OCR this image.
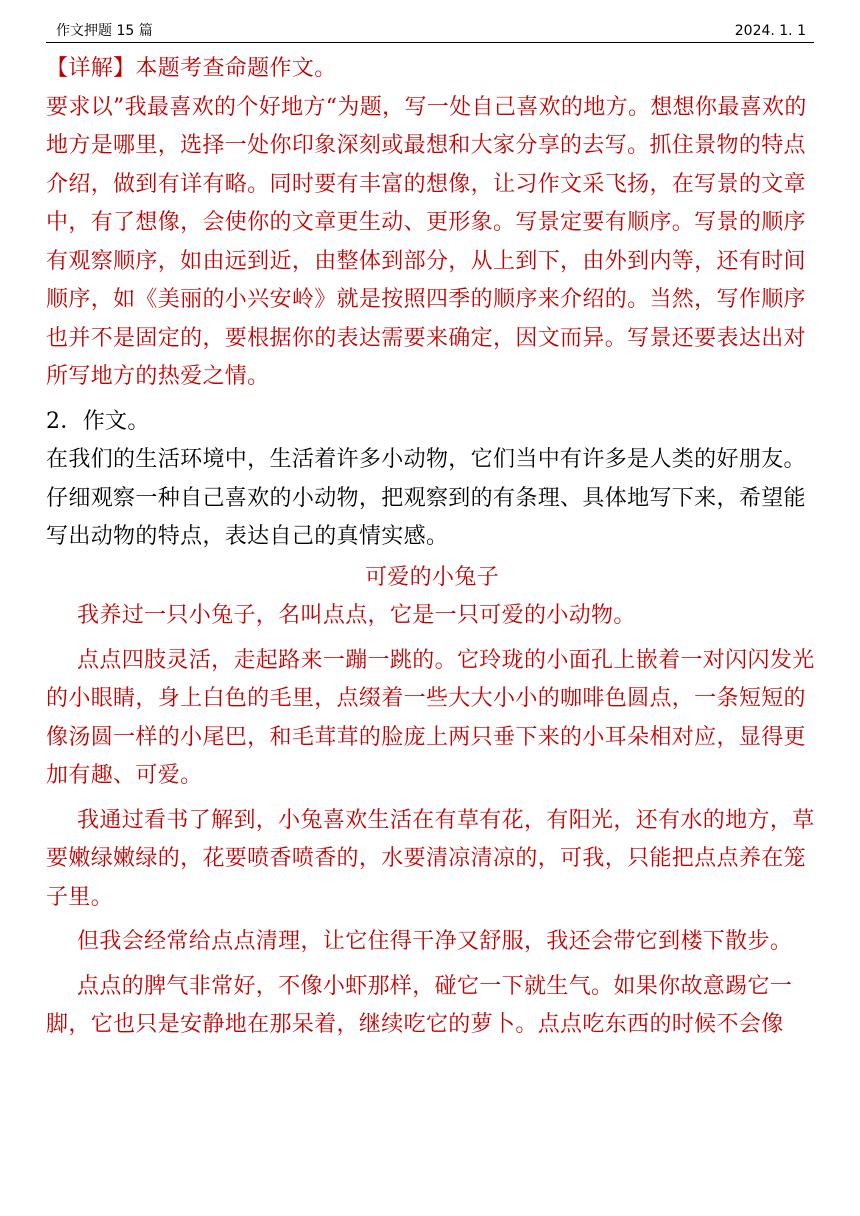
作文押题 15 篇	2024. 1. 1

【详解】本题考查命题作文。

要求以”我最喜欢的个好地方“为题，写一处自己喜欢的地方。想想你最喜欢的地方是哪里，选择一处你印象深刻或最想和大家分享的去写。抓住景物的特点介绍，做到有详有略。同时要有丰富的想像，让习作文采飞扬，在写景的文章中，有了想像，会使你的文章更生动、更形象。写景定要有顺序。写景的顺序有观察顺序，如由远到近，由整体到部分，从上到下，由外到内等，还有时间顺序，如《美丽的小兴安岭》就是按照四季的顺序来介绍的。当然，写作顺序也并不是固定的，要根据你的表达需要来确定，因文而异。写景还要表达出对所写地方的热爱之情。

2．作文。

在我们的生活环境中，生活着许多小动物，它们当中有许多是人类的好朋友。仔细观察一种自己喜欢的小动物，把观察到的有条理、具体地写下来，希望能写出动物的特点，表达自己的真情实感。

可爱的小兔子

我养过一只小兔子，名叫点点，它是一只可爱的小动物。

点点四肢灵活，走起路来一蹦一跳的。它玲珑的小面孔上嵌着一对闪闪发光的小眼睛，身上白色的毛里，点缀着一些大大小小的咖啡色圆点，一条短短的像汤圆一样的小尾巴，和毛茸茸的脸庞上两只垂下来的小耳朵相对应，显得更加有趣、可爱。

我通过看书了解到，小兔喜欢生活在有草有花，有阳光，还有水的地方，草要嫩绿嫩绿的，花要喷香喷香的，水要清凉清凉的，可我，只能把点点养在笼子里。

但我会经常给点点清理，让它住得干净又舒服，我还会带它到楼下散步。

点点的脾气非常好，不像小虾那样，碰它一下就生气。如果你故意踢它一脚，它也只是安静地在那呆着，继续吃它的萝卜。点点吃东西的时候不会像
